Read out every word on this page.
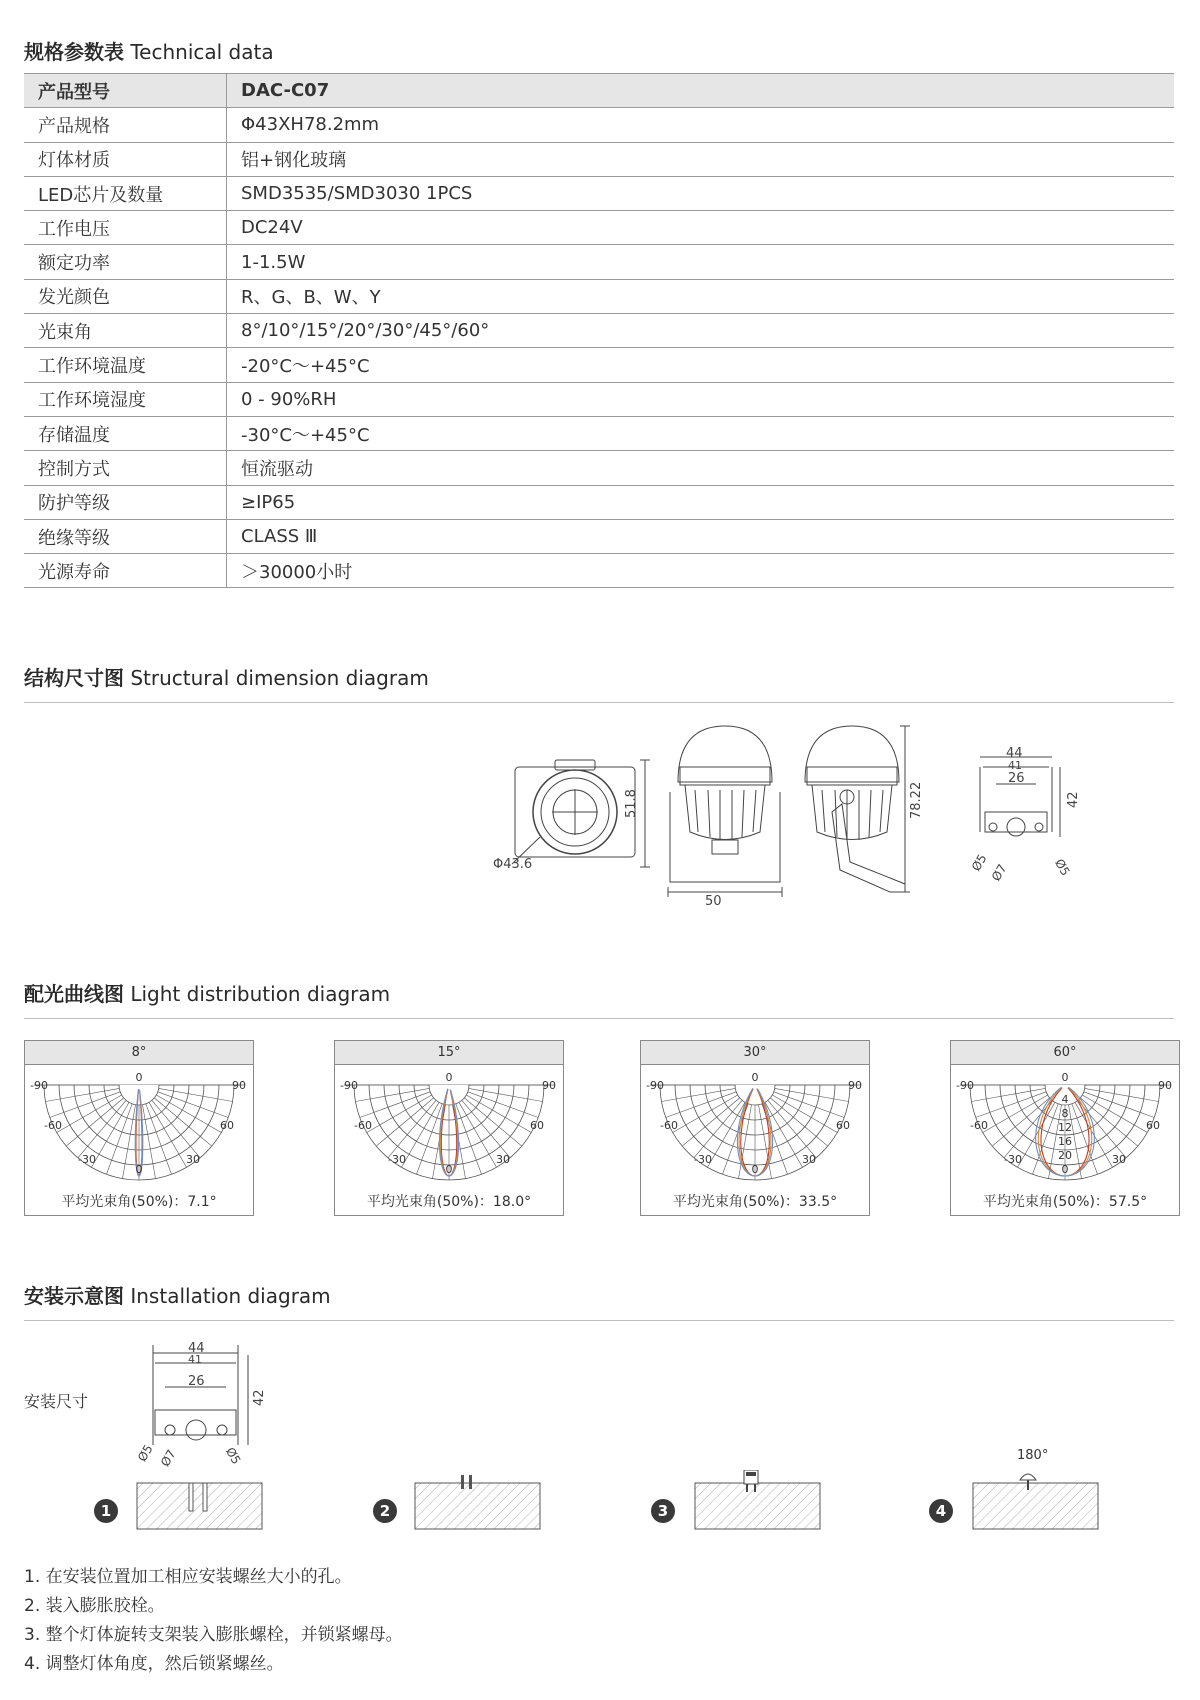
规格参数表 Technical data
产品型号	DAC-C07
产品规格	Φ43XH78.2mm
灯体材质	铝+钢化玻璃
LED芯片及数量	SMD3535/SMD3030 1PCS
工作电压	DC24V
额定功率	1-1.5W
发光颜色	R、G、B、W、Y
光束角	8°/10°/15°/20°/30°/45°/60°
工作环境温度	-20°C～+45°C
工作环境湿度	0 - 90%RH
存储温度	-30°C～+45°C
控制方式	恒流驱动
防护等级	≥IP65
绝缘等级	CLASS Ⅲ
光源寿命	＞30000小时
结构尺寸图 Structural dimension diagram
51.8
Φ43.6
50
78.22
44
41
26
42
Ø5 Ø7	Ø5
配光曲线图 Light distribution diagram
8°
-90	90
-60	60
-30	30
0
0
平均光束角(50%)：7.1°
15°
-90	90
-60	60
-30	30
0
0
平均光束角(50%)：18.0°
30°
-90	90
-60	60
-30	30
0
0
平均光束角(50%)：33.5°
60°
-90	90
-60	60
-30	30
0
0
4
8
12
16
20
平均光束角(50%)：57.5°
安装示意图 Installation diagram
安装尺寸
44
41
26
42
Ø5 Ø7	Ø5
1	2	3	4
180°
1. 在安装位置加工相应安装螺丝大小的孔。
2. 装入膨胀胶栓。
3. 整个灯体旋转支架装入膨胀螺栓，并锁紧螺母。
4. 调整灯体角度，然后锁紧螺丝。
